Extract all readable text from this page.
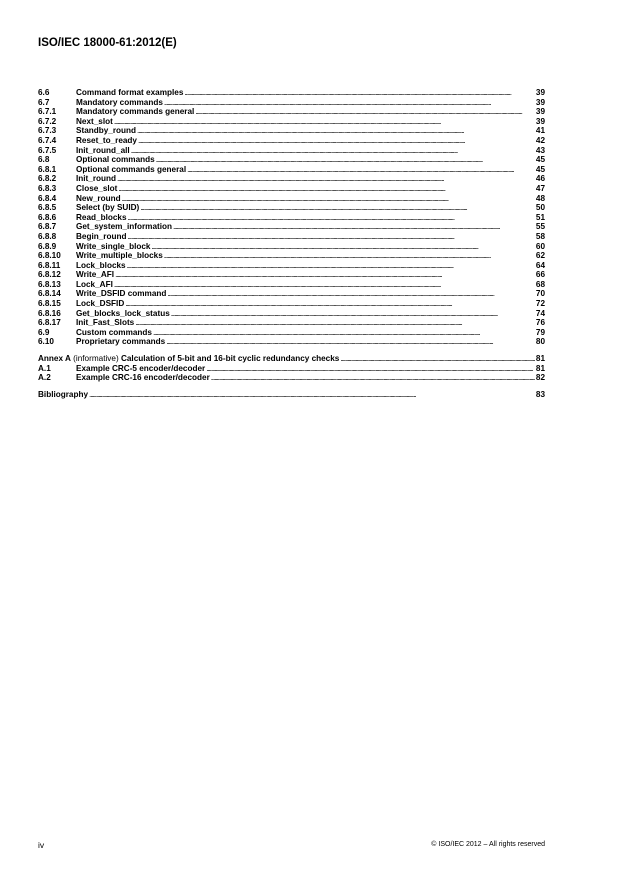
ISO/IEC 18000-61:2012(E)
6.6	Command format examples . . .	39
6.7	Mandatory commands . . .	39
6.7.1	Mandatory commands general . . .	39
6.7.2	Next_slot . . .	39
6.7.3	Standby_round . . .	41
6.7.4	Reset_to_ready . . .	42
6.7.5	Init_round_all . . .	43
6.8	Optional commands . . .	45
6.8.1	Optional commands general . . .	45
6.8.2	Init_round . . .	46
6.8.3	Close_slot . . .	47
6.8.4	New_round . . .	48
6.8.5	Select (by SUID) . . .	50
6.8.6	Read_blocks . . .	51
6.8.7	Get_system_information . . .	55
6.8.8	Begin_round . . .	58
6.8.9	Write_single_block . . .	60
6.8.10	Write_multiple_blocks . . .	62
6.8.11	Lock_blocks . . .	64
6.8.12	Write_AFI . . .	66
6.8.13	Lock_AFI . . .	68
6.8.14	Write_DSFID command . . .	70
6.8.15	Lock_DSFID . . .	72
6.8.16	Get_blocks_lock_status . . .	74
6.8.17	Init_Fast_Slots . . .	76
6.9	Custom commands . . .	79
6.10	Proprietary commands . . .	80
Annex A (informative) Calculation of 5-bit and 16-bit cyclic redundancy checks . . .	81
A.1	Example CRC-5 encoder/decoder . . .	81
A.2	Example CRC-16 encoder/decoder . . .	82
Bibliography . . .	83
iv	© ISO/IEC 2012 – All rights reserved
